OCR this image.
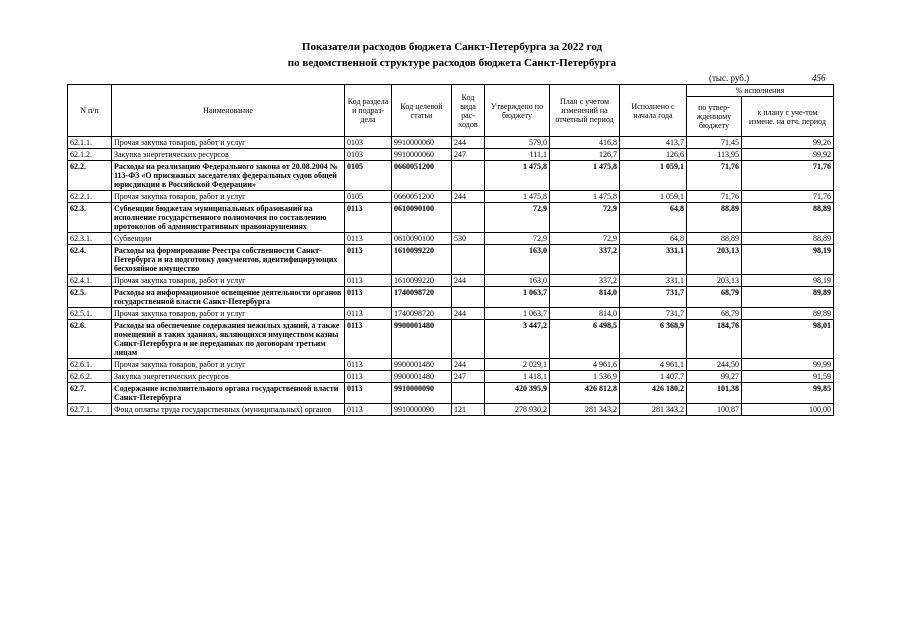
Показатели расходов бюджета Санкт-Петербурга за 2022 год
по ведомственной структуре расходов бюджета Санкт-Петербурга
(тыс. руб.)	456
N п/п	Наименование	Код раздела и подраз-дела	Код целевой статьи	Код вида рас-ходов	Утверждено по бюджету	План с учетом изменений на отчетный период	Исполнено с начала года	% исполнения	
								по утвер-жденному бюджету	к плану с уче-том измене. на отч. период
62.1.1.	Прочая закупка товаров, работ и услуг	0103	9910000060	244	579,0	416,8	413,7	71,45	99,26
62.1.2.	Закупка энергетических ресурсов	0103	9910000060	247	111,1	126,7	126,6	113,95	99,92
62.2.	Расходы на реализацию Федерального закона от 20.08.2004 № 113-ФЗ «О присяжных заседателях федеральных судов общей юрисдикции в Российской Федерации»	0105	0660051200		1 475,8	1 475,8	1 059,1	71,76	71,76
62.2.1.	Прочая закупка товаров, работ и услуг	0105	0660051200	244	1 475,8	1 475,8	1 059,1	71,76	71,76
62.3.	Субвенции бюджетам муниципальных образований на исполнение государственного полномочия по составлению протоколов об административных правонарушениях	0113	0610090100		72,9	72,9	64,8	88,89	88,89
62.3.1.	Субвенции	0113	0610090100	530	72,9	72,9	64,8	88,89	88,89
62.4.	Расходы на формирование Реестра собственности Санкт-Петербурга и на подготовку документов, идентифицирующих бесхозяйное имущество	0113	1610099220		163,0	337,2	331,1	203,13	98,19
62.4.1.	Прочая закупка товаров, работ и услуг	0113	1610099220	244	163,0	337,2	331,1	203,13	98,19
62.5.	Расходы на информационное освещение деятельности органов государственной власти Санкт-Петербурга	0113	1740098720		1 063,7	814,0	731,7	68,79	89,89
62.5.1.	Прочая закупка товаров, работ и услуг	0113	1740098720	244	1 063,7	814,0	731,7	68,79	89,89
62.6.	Расходы на обеспечение содержания нежилых зданий, а также помещений в таких зданиях, являющихся имуществом казны Санкт-Петербурга и не переданных по договорам третьим лицам	0113	9900001480		3 447,2	6 498,5	6 368,9	184,76	98,01
62.6.1.	Прочая закупка товаров, работ и услуг	0113	9900001480	244	2 029,1	4 961,6	4 961,1	244,50	99,99
62.6.2.	Закупка энергетических ресурсов	0113	9900001480	247	1 418,1	1 536,9	1 407,7	99,27	91,59
62.7.	Содержание исполнительного органа государственной власти Санкт-Петербурга	0113	9910000090		420 395,9	426 812,8	426 180,2	101,38	99,85
62.7.1.	Фонд оплаты труда государственных (муниципальных) органов	0113	9910000090	121	278 930,2	281 343,2	281 343,2	100,87	100,00
